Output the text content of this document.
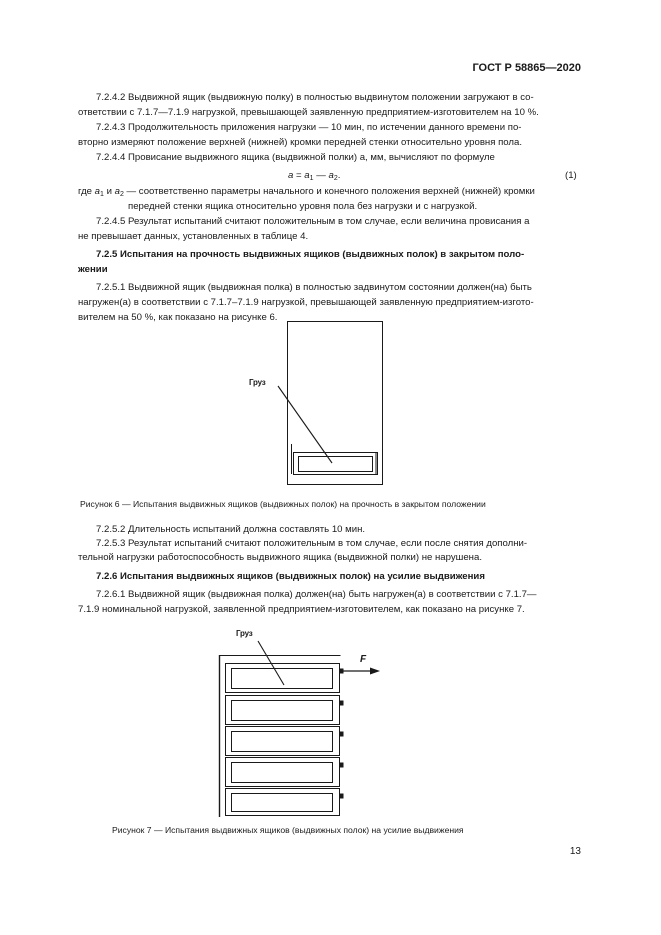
ГОСТ Р 58865—2020
7.2.4.2 Выдвижной ящик (выдвижную полку) в полностью выдвинутом положении загружают в со-
ответствии с 7.1.7—7.1.9 нагрузкой, превышающей заявленную предприятием-изготовителем на 10 %.
7.2.4.3 Продолжительность приложения нагрузки — 10 мин, по истечении данного времени по-
вторно измеряют положение верхней (нижней) кромки передней стенки относительно уровня пола.
7.2.4.4 Провисание выдвижного ящика (выдвижной полки) a, мм, вычисляют по формуле
$a = a_1$ — $a_2$.	(1)
где $a_1$ и $a_2$ — соответственно параметры начального и конечного положения верхней (нижней) кромки
передней стенки ящика относительно уровня пола без нагрузки и с нагрузкой.
7.2.4.5 Результат испытаний считают положительным в том случае, если величина провисания a
не превышает данных, установленных в таблице 4.
7.2.5 Испытания на прочность выдвижных ящиков (выдвижных полок) в закрытом поло-
жении
7.2.5.1 Выдвижной ящик (выдвижная полка) в полностью задвинутом состоянии должен(на) быть
нагружен(а) в соответствии с 7.1.7–7.1.9 нагрузкой, превышающей заявленную предприятием-изгото-
вителем на 50 %, как показано на рисунке 6.
Груз
Рисунок 6 — Испытания выдвижных ящиков (выдвижных полок) на прочность в закрытом положении
7.2.5.2 Длительность испытаний должна составлять 10 мин.
7.2.5.3 Результат испытаний считают положительным в том случае, если после снятия дополни-
тельной нагрузки работоспособность выдвижного ящика (выдвижной полки) не нарушена.
7.2.6 Испытания выдвижных ящиков (выдвижных полок) на усилие выдвижения
7.2.6.1 Выдвижной ящик (выдвижная полка) должен(на) быть нагружен(а) в соответствии с 7.1.7—
7.1.9 номинальной нагрузкой, заявленной предприятием-изготовителем, как показано на рисунке 7.
Груз
F
Рисунок 7 — Испытания выдвижных ящиков (выдвижных полок) на усилие выдвижения
13
